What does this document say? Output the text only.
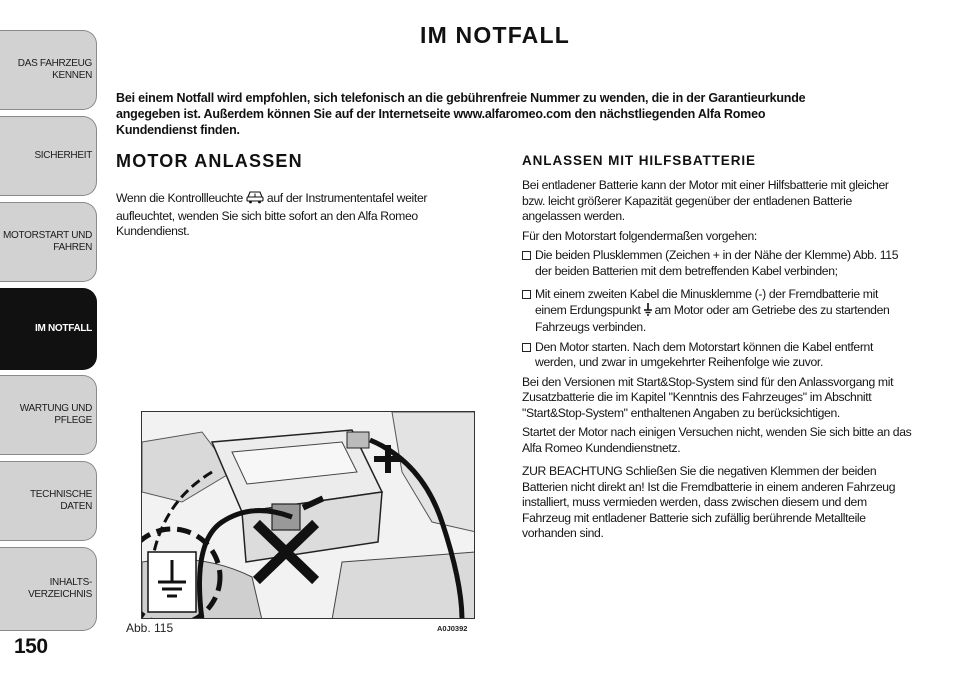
DAS FAHRZEUG
KENNEN
SICHERHEIT
MOTORSTART UND
FAHREN
IM NOTFALL
WARTUNG UND
PFLEGE
TECHNISCHE DATEN
INHALTS-
VERZEICHNIS
150
IM NOTFALL
Bei einem Notfall wird empfohlen, sich telefonisch an die gebührenfreie Nummer zu wenden, die in der Garantieurkunde angegeben ist. Außerdem können Sie auf der Internetseite www.alfaromeo.com den nächstliegenden Alfa Romeo Kundendienst finden.
MOTOR ANLASSEN	ANLASSEN MIT HILFSBATTERIE
Wenn die Kontrollleuchte auf der Instrumententafel weiter aufleuchtet, wenden Sie sich bitte sofort an den Alfa Romeo Kundendienst.
Abb. 115	A0J0392

Bei entladener Batterie kann der Motor mit einer Hilfsbatterie mit gleicher bzw. leicht größerer Kapazität gegenüber der entladenen Batterie angelassen werden.

Für den Motorstart folgendermaßen vorgehen:

Die beiden Plusklemmen (Zeichen + in der Nähe der Klemme) Abb. 115 der beiden Batterien mit dem betreffenden Kabel verbinden;
Mit einem zweiten Kabel die Minusklemme (-) der Fremdbatterie mit einem Erdungspunkt am Motor oder am Getriebe des zu startenden Fahrzeugs verbinden.
Den Motor starten. Nach dem Motorstart können die Kabel entfernt werden, und zwar in umgekehrter Reihenfolge wie zuvor.

Bei den Versionen mit Start&Stop-System sind für den Anlassvorgang mit Zusatzbatterie die im Kapitel "Kenntnis des Fahrzeuges" im Abschnitt "Start&Stop-System" enthaltenen Angaben zu berücksichtigen.

Startet der Motor nach einigen Versuchen nicht, wenden Sie sich bitte an das Alfa Romeo Kundendienstnetz.

ZUR BEACHTUNG Schließen Sie die negativen Klemmen der beiden Batterien nicht direkt an! Ist die Fremdbatterie in einem anderen Fahrzeug installiert, muss vermieden werden, dass zwischen diesem und dem Fahrzeug mit entladener Batterie sich zufällig berührende Metallteile vorhanden sind.
